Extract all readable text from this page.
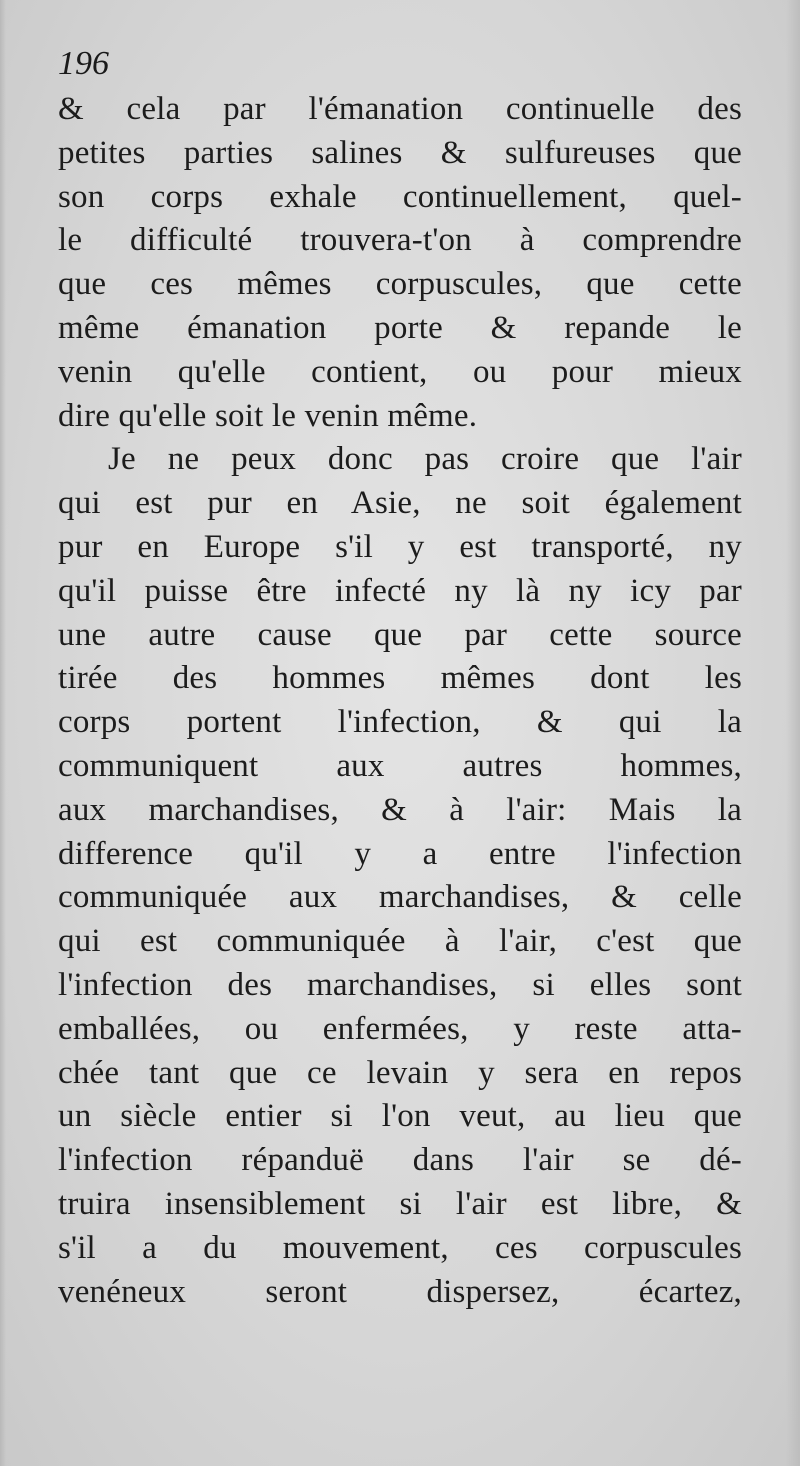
196
& cela par l'émanation continuelle des
petites parties salines & sulfureuses que
son corps exhale continuellement, quel-
le difficulté trouvera-t'on à comprendre
que ces mêmes corpuscules, que cette
même émanation porte & repande le
venin qu'elle contient, ou pour mieux
dire qu'elle soit le venin même.
Je ne peux donc pas croire que l'air
qui est pur en Asie, ne soit également
pur en Europe s'il y est transporté, ny
qu'il puisse être infecté ny là ny icy par
une autre cause que par cette source
tirée des hommes mêmes dont les
corps portent l'infection, & qui la
communiquent aux autres hommes,
aux marchandises, & à l'air: Mais la
difference qu'il y a entre l'infection
communiquée aux marchandises, & celle
qui est communiquée à l'air, c'est que
l'infection des marchandises, si elles sont
emballées, ou enfermées, y reste atta-
chée tant que ce levain y sera en repos
un siècle entier si l'on veut, au lieu que
l'infection répanduë dans l'air se dé-
truira insensiblement si l'air est libre, &
s'il a du mouvement, ces corpuscules
venéneux seront dispersez, écartez,
